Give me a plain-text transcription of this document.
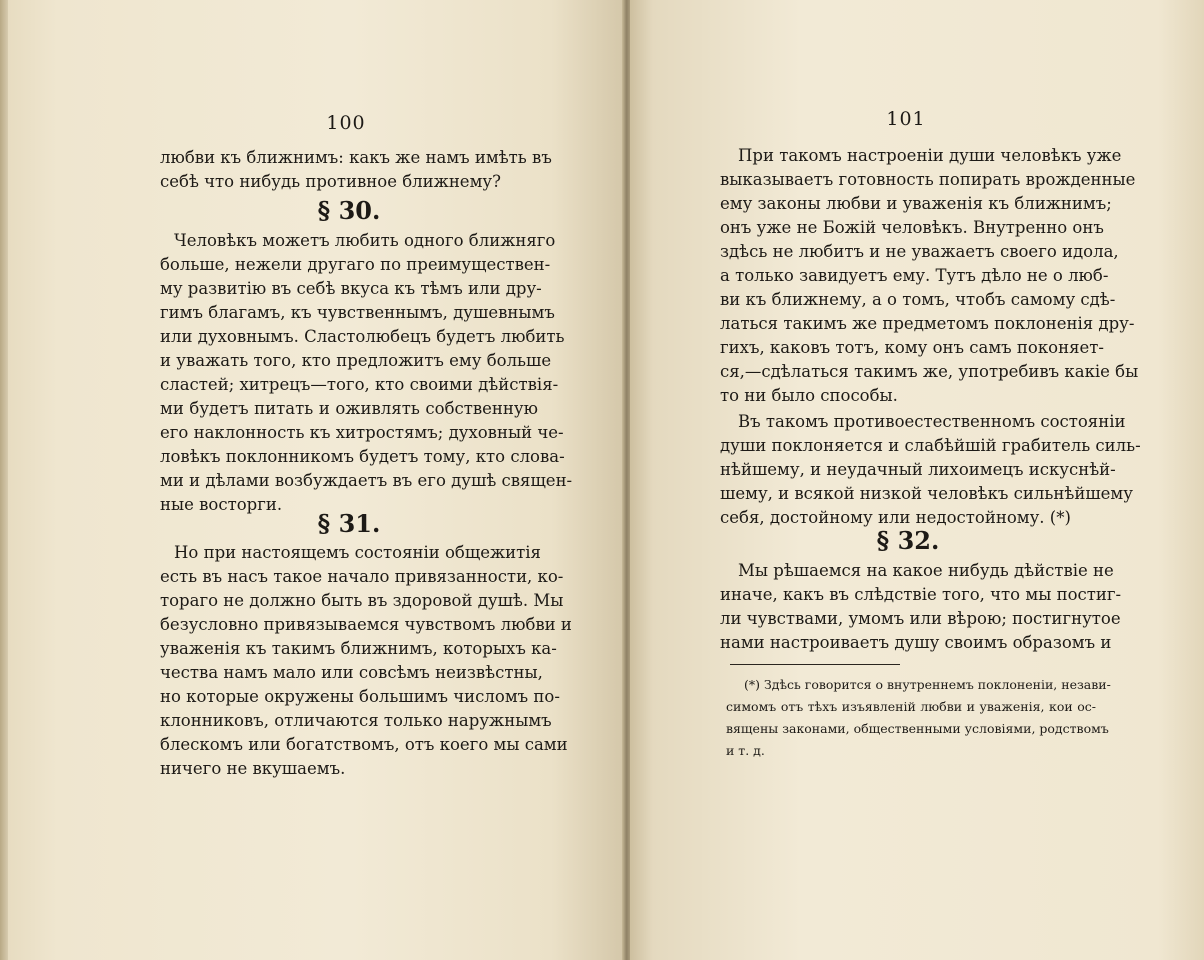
100
любви къ ближнимъ: какъ же намъ имѣть въ
себѣ что нибудь противное ближнему?
§ 30.
Человѣкъ можетъ любить одного ближняго
больше, нежели другаго по преимуществен-
му развитію въ себѣ вкуса къ тѣмъ или дру-
гимъ благамъ, къ чувственнымъ, душевнымъ
или духовнымъ. Сластолюбецъ будетъ любить
и уважать того, кто предложитъ ему больше
сластей; хитрецъ—того, кто своими дѣйствія-
ми будетъ питать и оживлять собственную
его наклонность къ хитростямъ; духовный че-
ловѣкъ поклонникомъ будетъ тому, кто слова-
ми и дѣлами возбуждаетъ въ его душѣ священ-
ные восторги.
§ 31.
Но при настоящемъ состояніи общежитія
есть въ насъ такое начало привязанности, ко-
тораго не должно быть въ здоровой душѣ. Мы
безусловно привязываемся чувствомъ любви и
уваженія къ такимъ ближнимъ, которыхъ ка-
чества намъ мало или совсѣмъ неизвѣстны,
но которые окружены большимъ числомъ по-
клонниковъ, отличаются только наружнымъ
блескомъ или богатствомъ, отъ коего мы сами
ничего не вкушаемъ.
101
При такомъ настроеніи души человѣкъ уже
выказываетъ готовность попирать врожденные
ему законы любви и уваженія къ ближнимъ;
онъ уже не Божій человѣкъ. Внутренно онъ
здѣсь не любитъ и не уважаетъ своего идола,
а только завидуетъ ему. Тутъ дѣло не о люб-
ви къ ближнему, а о томъ, чтобъ самому сдѣ-
латься такимъ же предметомъ поклоненія дру-
гихъ, каковъ тотъ, кому онъ самъ поконяет-
ся,—сдѣлаться такимъ же, употребивъ какіе бы
то ни было способы.
Въ такомъ противоестественномъ состояніи
души поклоняется и слабѣйшій грабитель силь-
нѣйшему, и неудачный лихоимецъ искуснѣй-
шему, и всякой низкой человѣкъ сильнѣйшему
себя, достойному или недостойному. (*)
§ 32.
Мы рѣшаемся на какое нибудь дѣйствіе не
иначе, какъ въ слѣдствіе того, что мы постиг-
ли чувствами, умомъ или вѣрою; постигнутое
нами настроиваетъ душу своимъ образомъ и
(*) Здѣсь говорится о внутреннемъ поклоненіи, незави-
симомъ отъ тѣхъ изъявленій любви и уваженія, кои ос-
вящены законами, общественными условіями, родствомъ
и т. д.
